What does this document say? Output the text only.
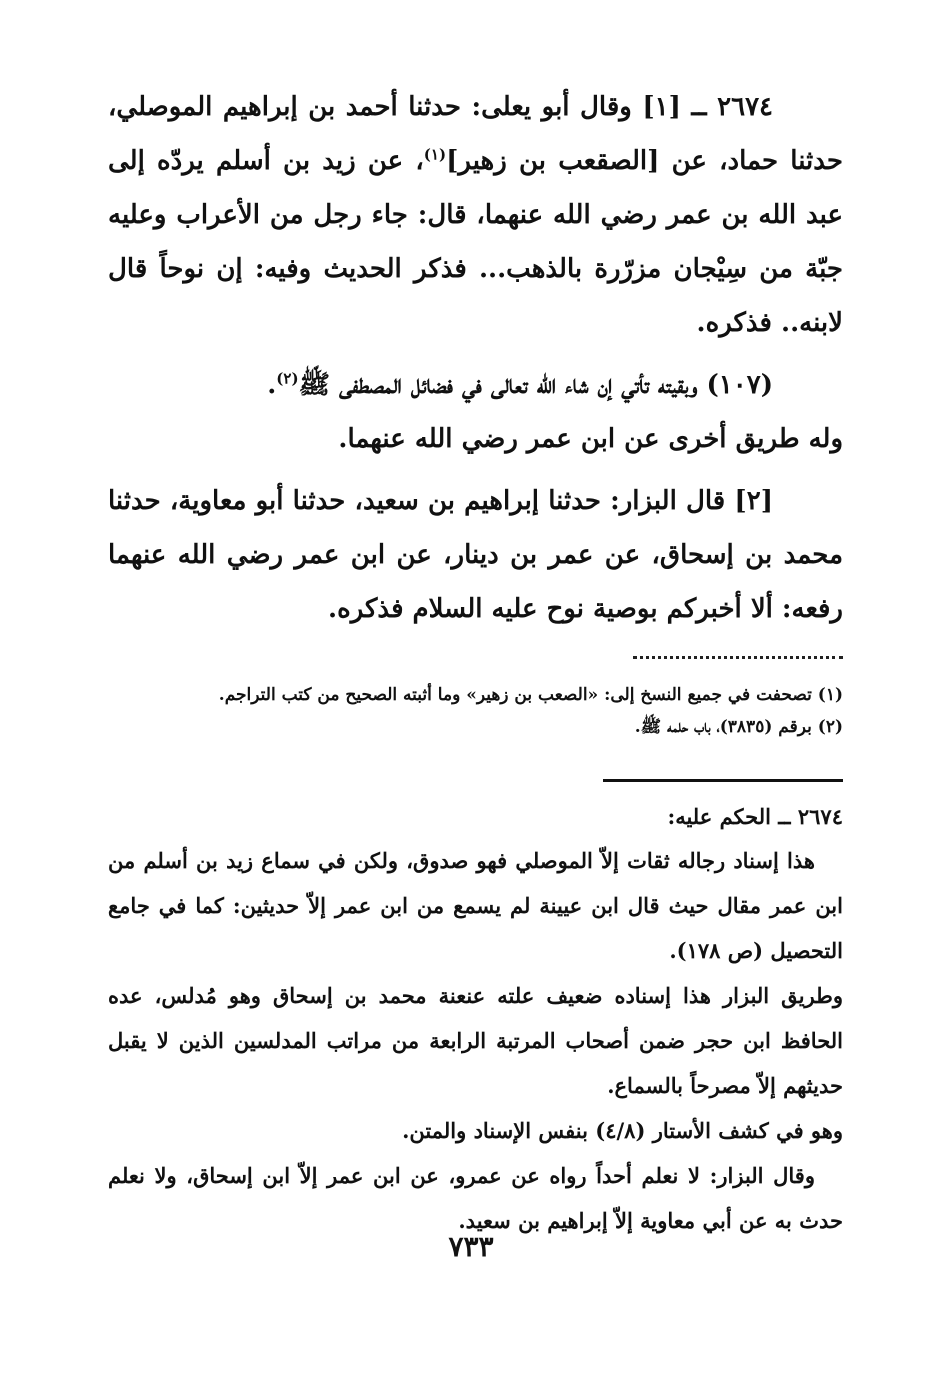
٢٦٧٤ ــ [١] وقال أبو يعلى: حدثنا أحمد بن إبراهيم الموصلي، حدثنا حماد، عن [الصقعب بن زهير]$^{(١)}$، عن زيد بن أسلم يردّه إلى عبد الله بن عمر رضي الله عنهما، قال: جاء رجل من الأعراب وعليه جبّة من سِيْجان مزرّرة بالذهب... فذكر الحديث وفيه: إن نوحاً قال لابنه.. فذكره.

(١٠٧) وبقيته تأتي إن شاء الله تعالى في فضائل المصطفى ﷺ$^{(٢)}$.

وله طريق أخرى عن ابن عمر رضي الله عنهما.

[٢] قال البزار: حدثنا إبراهيم بن سعيد، حدثنا أبو معاوية، حدثنا محمد بن إسحاق، عن عمر بن دينار، عن ابن عمر رضي الله عنهما رفعه: ألا أخبركم بوصية نوح عليه السلام فذكره.

(١) تصحفت في جميع النسخ إلى: «الصعب بن زهير» وما أثبته الصحيح من كتب التراجم.

(٢) برقم (٣٨٣٥)، باب حلمه ﷺ.

٢٦٧٤ ــ الحكم عليه:

هذا إسناد رجاله ثقات إلاّ الموصلي فهو صدوق، ولكن في سماع زيد بن أسلم من ابن عمر مقال حيث قال ابن عيينة لم يسمع من ابن عمر إلاّ حديثين: كما في جامع التحصيل (ص ١٧٨).

وطريق البزار هذا إسناده ضعيف علته عنعنة محمد بن إسحاق وهو مُدلس، عده الحافظ ابن حجر ضمن أصحاب المرتبة الرابعة من مراتب المدلسين الذين لا يقبل حديثهم إلاّ مصرحاً بالسماع.

وهو في كشف الأستار (٤/٨) بنفس الإسناد والمتن.

وقال البزار: لا نعلم أحداً رواه عن عمرو، عن ابن عمر إلاّ ابن إسحاق، ولا نعلم حدث به عن أبي معاوية إلاّ إبراهيم بن سعيد.

٧٣٣
